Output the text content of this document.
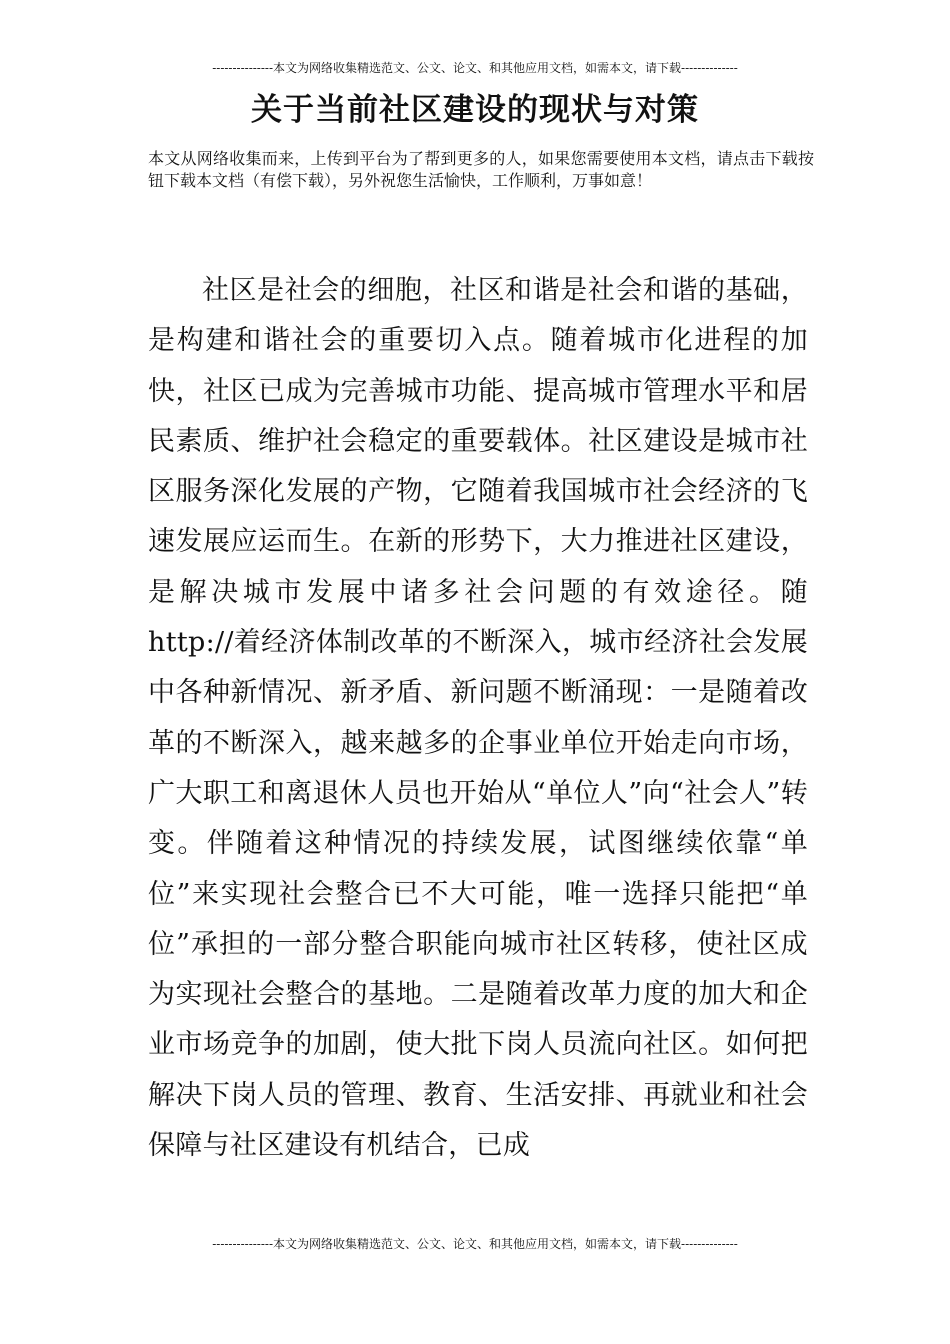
---------------本文为网络收集精选范文、公文、论文、和其他应用文档，如需本文，请下载--------------
关于当前社区建设的现状与对策

本文从网络收集而来，上传到平台为了帮到更多的人，如果您需要使用本文档，请点击下载按钮下载本文档（有偿下载），另外祝您生活愉快，工作顺利，万事如意！

社区是社会的细胞，社区和谐是社会和谐的基础，是构建和谐社会的重要切入点。随着城市化进程的加快，社区已成为完善城市功能、提高城市管理水平和居民素质、维护社会稳定的重要载体。社区建设是城市社区服务深化发展的产物，它随着我国城市社会经济的飞速发展应运而生。在新的形势下，大力推进社区建设，是解决城市发展中诸多社会问题的有效途径。随 http://着经济体制改革的不断深入，城市经济社会发展中各种新情况、新矛盾、新问题不断涌现：一是随着改革的不断深入，越来越多的企事业单位开始走向市场，广大职工和离退休人员也开始从“单位人”向“社会人”转变。伴随着这种情况的持续发展，试图继续依靠“单位”来实现社会整合已不大可能，唯一选择只能把“单位”承担的一部分整合职能向城市社区转移，使社区成为实现社会整合的基地。二是随着改革力度的加大和企业市场竞争的加剧，使大批下岗人员流向社区。如何把解决下岗人员的管理、教育、生活安排、再就业和社会保障与社区建设有机结合，已成

---------------本文为网络收集精选范文、公文、论文、和其他应用文档，如需本文，请下载--------------
